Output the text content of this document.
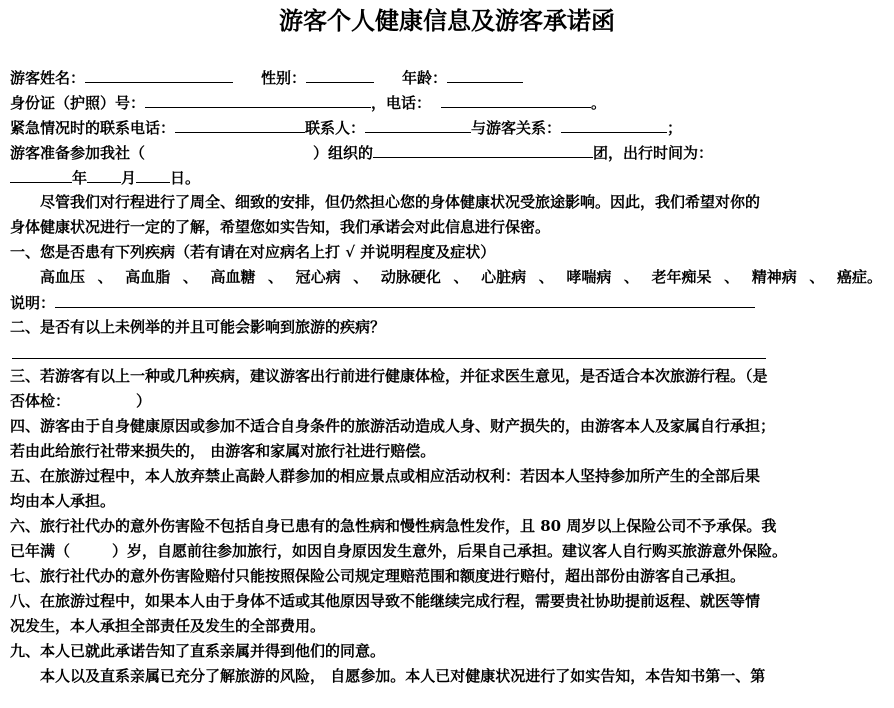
游客个人健康信息及游客承诺函
游客姓名：	性别：	年龄：
身份证（护照）号：	，电话：	。
紧急情况时的联系电话：	联系人：	与游客关系：	；
游客准备参加我社（	）组织的	团，出行时间为：
年 月 日。
尽管我们对行程进行了周全、细致的安排，但仍然担心您的身体健康状况受旅途影响。因此，我们希望对你的
身体健康状况进行一定的了解，希望您如实告知，我们承诺会对此信息进行保密。
一、您是否患有下列疾病（若有请在对应病名上打 √ 并说明程度及症状）
高血压 、 高血脂 、 高血糖 、 冠心病 、 动脉硬化 、 心脏病 、 哮喘病 、 老年痴呆 、 精神病 、 癌症。
说明：
二、是否有以上未例举的并且可能会影响到旅游的疾病？
三、若游客有以上一种或几种疾病，建议游客出行前进行健康体检，并征求医生意见，是否适合本次旅游行程。（是
否体检：	）
四、游客由于自身健康原因或参加不适合自身条件的旅游活动造成人身、财产损失的，由游客本人及家属自行承担；
若由此给旅行社带来损失的， 由游客和家属对旅行社进行赔偿。
五、在旅游过程中，本人放弃禁止高龄人群参加的相应景点或相应活动权利：若因本人坚持参加所产生的全部后果
均由本人承担。
六、旅行社代办的意外伤害险不包括自身已患有的急性病和慢性病急性发作，且 80 周岁以上保险公司不予承保。我
已年满（	）岁，自愿前往参加旅行，如因自身原因发生意外，后果自己承担。建议客人自行购买旅游意外保险。
七、旅行社代办的意外伤害险赔付只能按照保险公司规定理赔范围和额度进行赔付，超出部份由游客自己承担。
八、在旅游过程中，如果本人由于身体不适或其他原因导致不能继续完成行程，需要贵社协助提前返程、就医等情
况发生，本人承担全部责任及发生的全部费用。
九、本人已就此承诺告知了直系亲属并得到他们的同意。
本人以及直系亲属已充分了解旅游的风险， 自愿参加。本人已对健康状况进行了如实告知，本告知书第一、第
